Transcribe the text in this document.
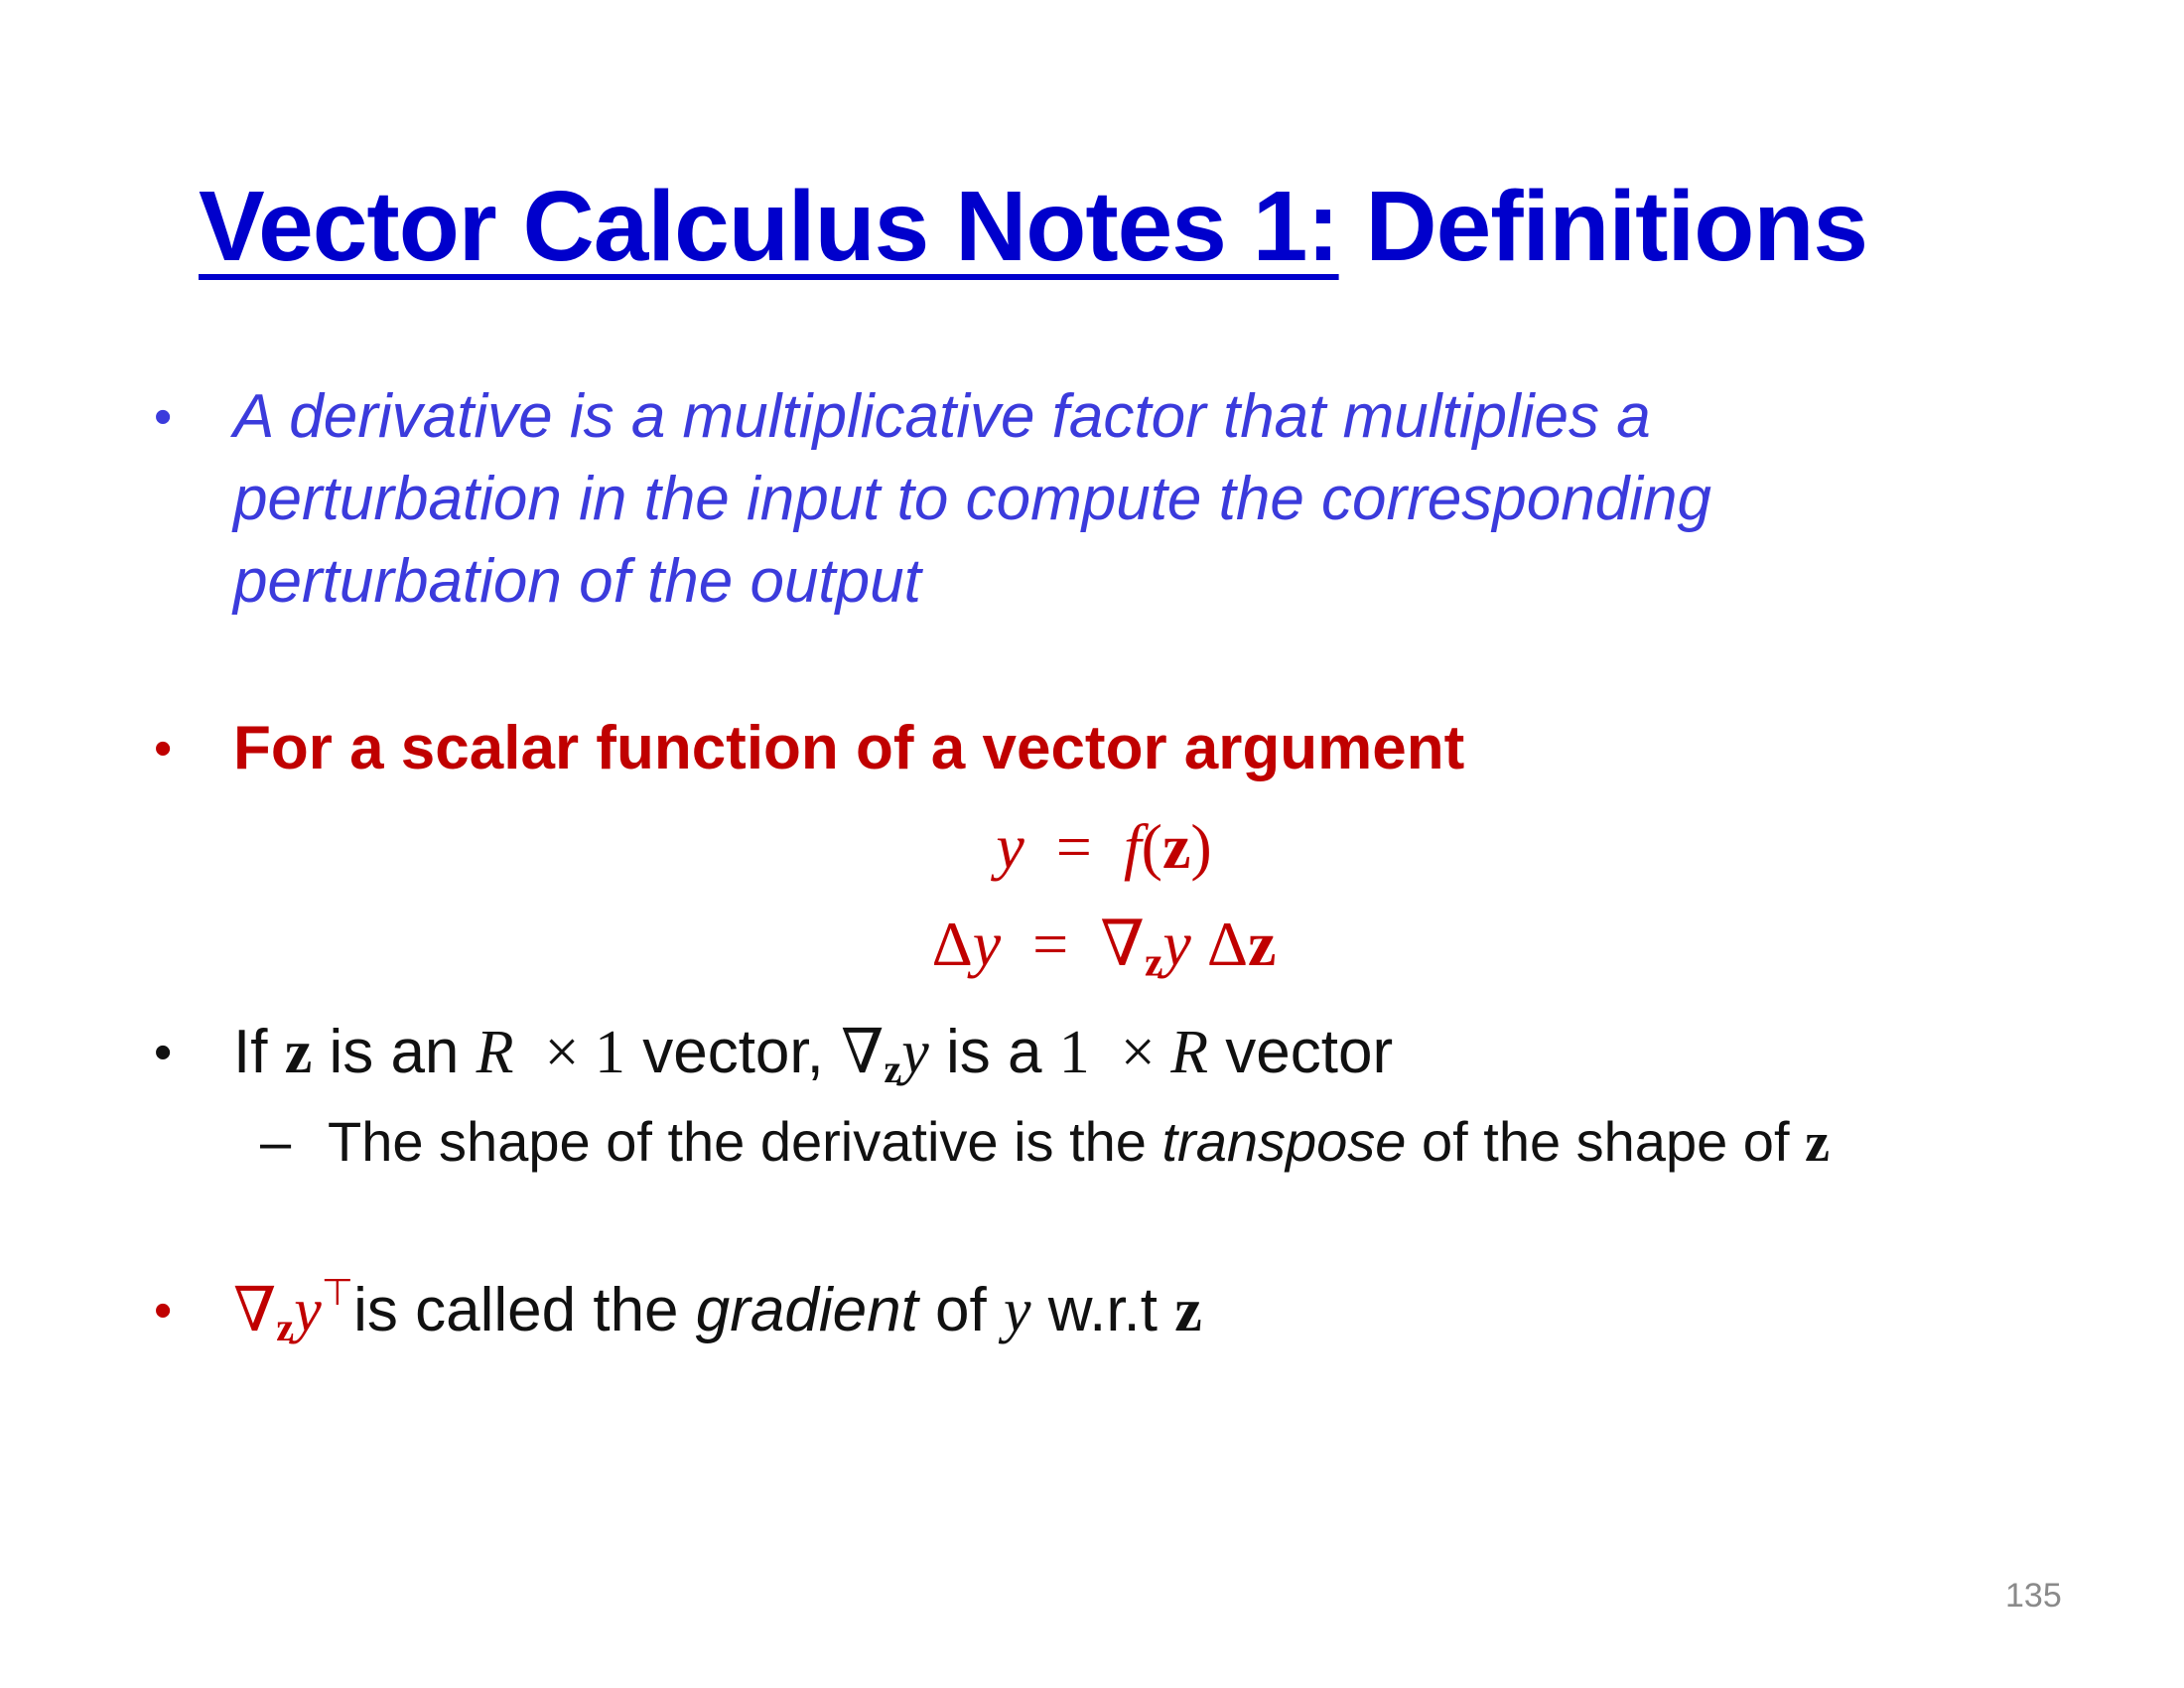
Vector Calculus Notes 1: Definitions
• A derivative is a multiplicative factor that multiplies a
perturbation in the input to compute the corresponding
perturbation of the output
• For a scalar function of a vector argument
y  =  f(z)
$\Delta y = \nabla_zy$ Δz
• If z is an R  × 1 vector, $\nabla_zy$ is a 1  × R vector
– The shape of the derivative is the transpose of the shape of z
• $\nabla_zy^⊤is$ called the gradient of y w.r.t z
135
